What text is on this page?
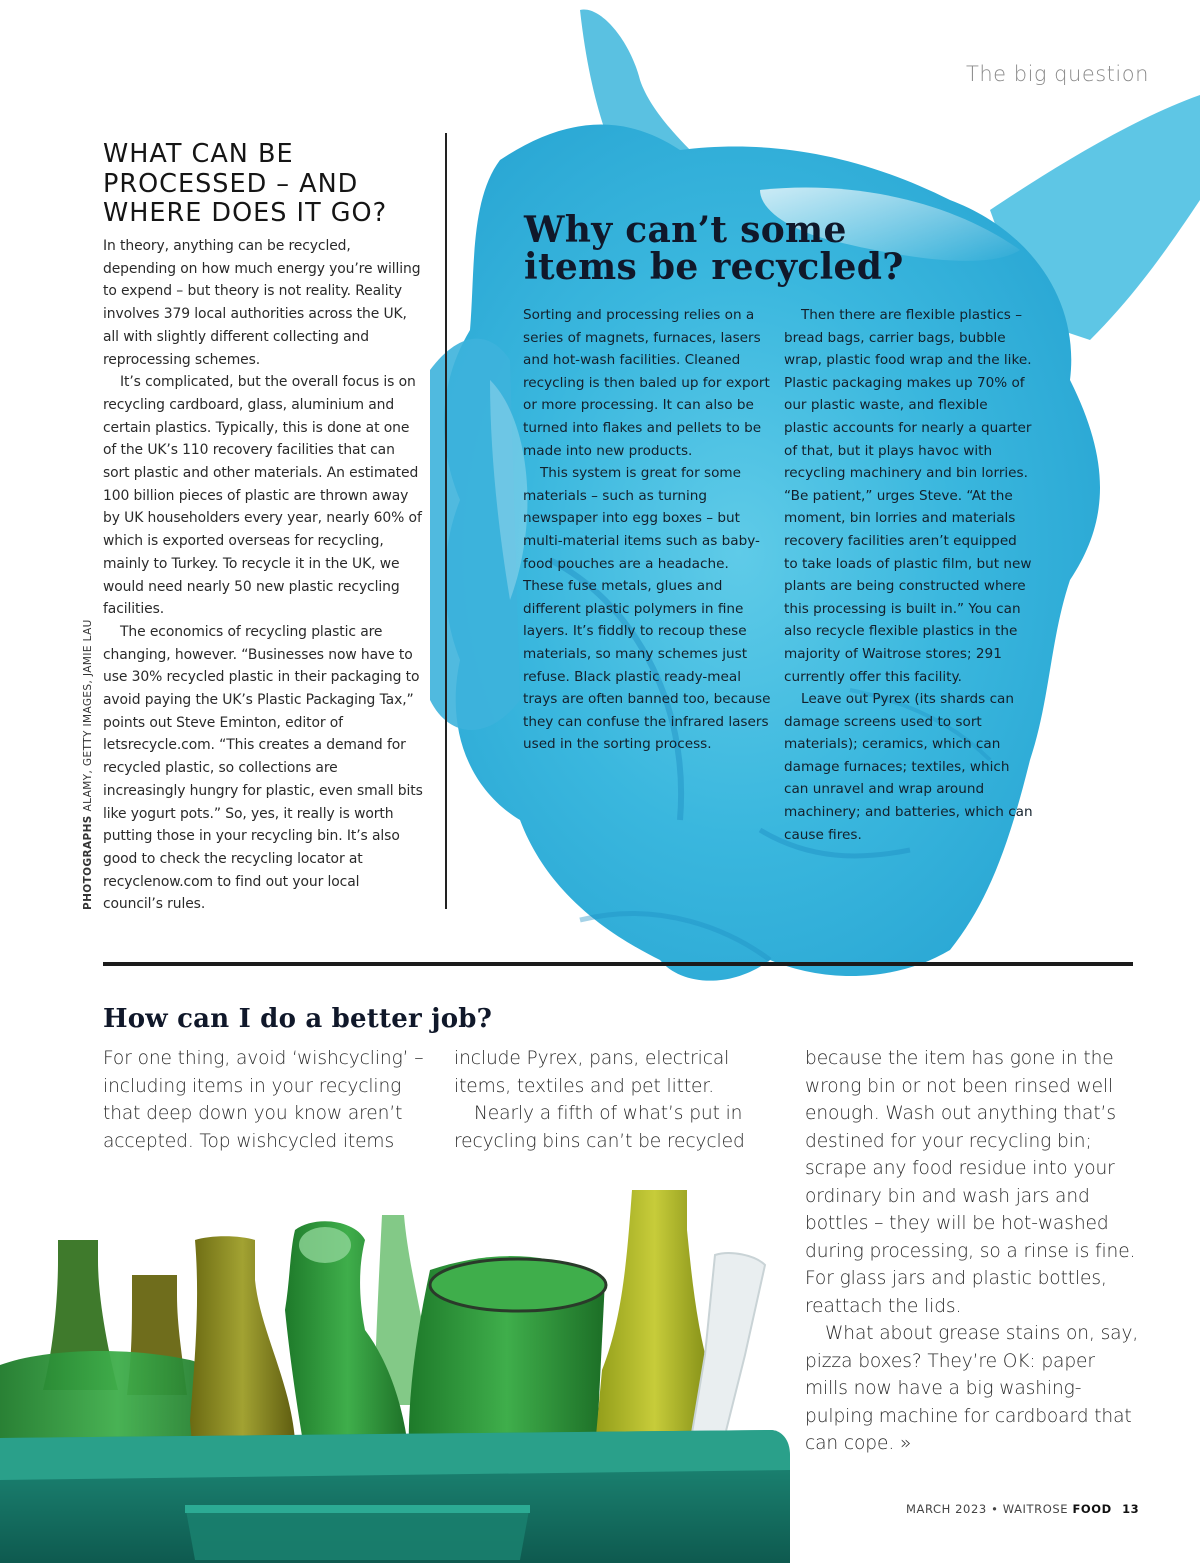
The big question
WHAT CAN BE
PROCESSED – AND
WHERE DOES IT GO?

In theory, anything can be recycled, depending on how much energy you’re willing to expend – but theory is not reality. Reality involves 379 local authorities across the UK, all with slightly different collecting and reprocessing schemes.

It’s complicated, but the overall focus is on recycling cardboard, glass, aluminium and certain plastics. Typically, this is done at one of the UK’s 110 recovery facilities that can sort plastic and other materials. An estimated 100 billion pieces of plastic are thrown away by UK householders every year, nearly 60% of which is exported overseas for recycling, mainly to Turkey. To recycle it in the UK, we would need nearly 50 new plastic recycling facilities.

The economics of recycling plastic are changing, however. “Businesses now have to use 30% recycled plastic in their packaging to avoid paying the UK’s Plastic Packaging Tax,” points out Steve Eminton, editor of letsrecycle.com. “This creates a demand for recycled plastic, so collections are increasingly hungry for plastic, even small bits like yogurt pots.” So, yes, it really is worth putting those in your recycling bin. It’s also good to check the recycling locator at recyclenow.com to find out your local council’s rules.

PHOTOGRAPHS ALAMY, GETTY IMAGES, JAMIE LAU
Why can’t some
items be recycled?

Sorting and processing relies on a series of magnets, furnaces, lasers and hot-wash facilities. Cleaned recycling is then baled up for export or more processing. It can also be turned into flakes and pellets to be made into new products.

This system is great for some materials – such as turning newspaper into egg boxes – but multi-material items such as baby-food pouches are a headache. These fuse metals, glues and different plastic polymers in fine layers. It’s fiddly to recoup these materials, so many schemes just refuse. Black plastic ready-meal trays are often banned too, because they can confuse the infrared lasers used in the sorting process.

Then there are flexible plastics – bread bags, carrier bags, bubble wrap, plastic food wrap and the like. Plastic packaging makes up 70% of our plastic waste, and flexible plastic accounts for nearly a quarter of that, but it plays havoc with recycling machinery and bin lorries. “Be patient,” urges Steve. “At the moment, bin lorries and materials recovery facilities aren’t equipped to take loads of plastic film, but new plants are being constructed where this processing is built in.” You can also recycle flexible plastics in the majority of Waitrose stores; 291 currently offer this facility.

Leave out Pyrex (its shards can damage screens used to sort materials); ceramics, which can damage furnaces; textiles, which can unravel and wrap around machinery; and batteries, which can cause fires.

How can I do a better job?

For one thing, avoid ‘wishcycling’ – including items in your recycling that deep down you know aren’t accepted. Top wishcycled items

include Pyrex, pans, electrical items, textiles and pet litter.

Nearly a fifth of what’s put in recycling bins can’t be recycled

because the item has gone in the wrong bin or not been rinsed well enough. Wash out anything that’s destined for your recycling bin; scrape any food residue into your ordinary bin and wash jars and bottles – they will be hot-washed during processing, so a rinse is fine. For glass jars and plastic bottles, reattach the lids.

What about grease stains on, say, pizza boxes? They’re OK: paper mills now have a big washing-pulping machine for cardboard that can cope. »

MARCH 2023 • WAITROSE FOOD 13
